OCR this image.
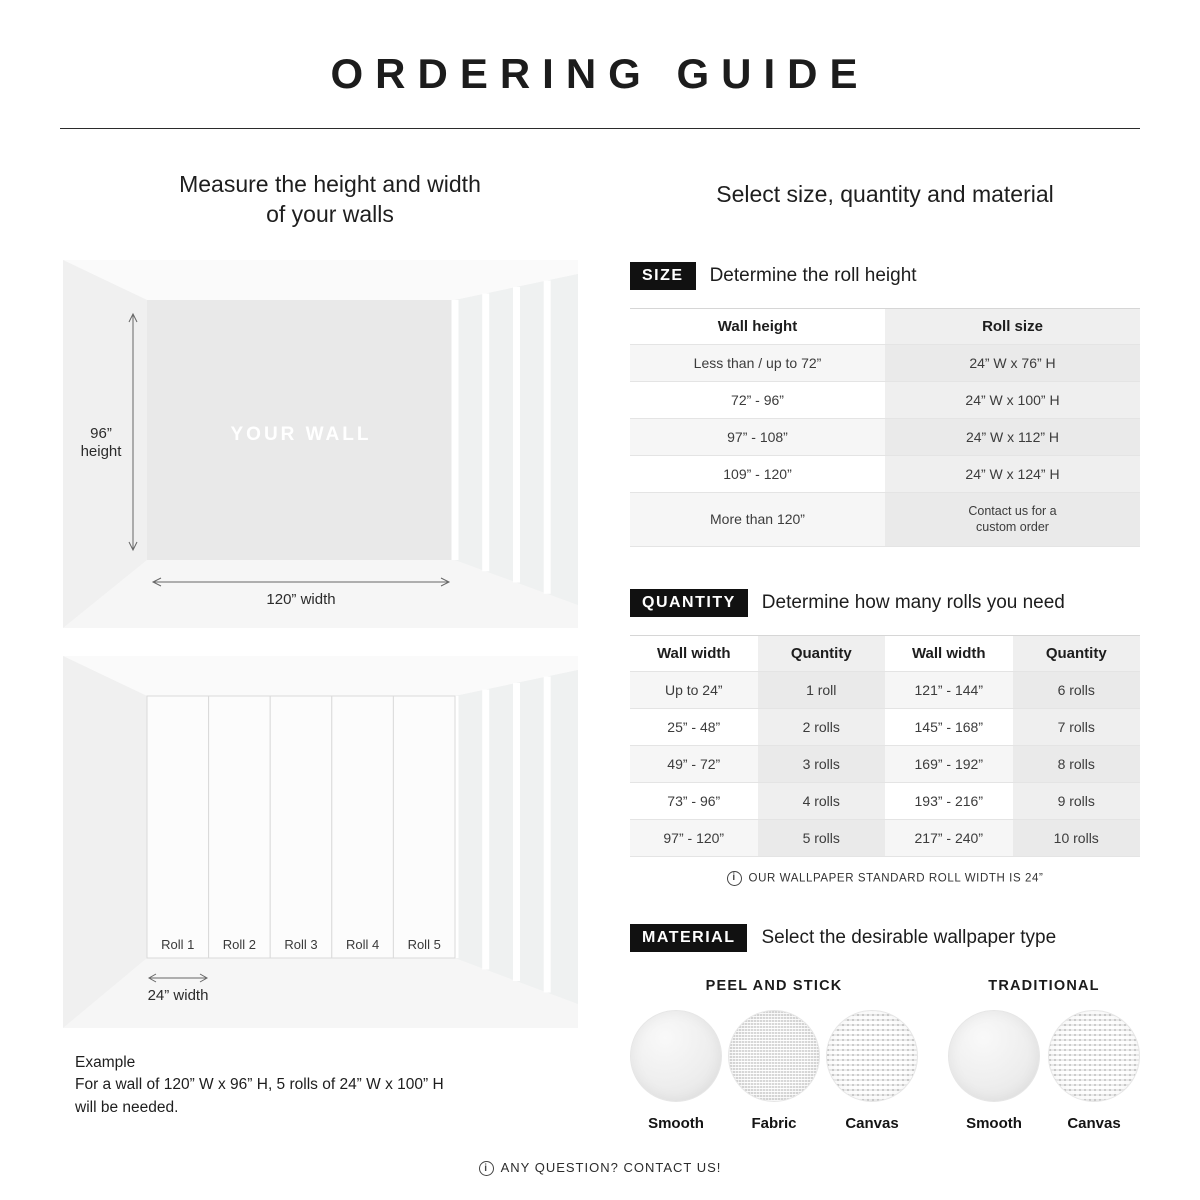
ORDERING GUIDE
Measure the height and width
of your walls
96”
height
YOUR WALL
120” width
Roll 1 Roll 2 Roll 3 Roll 4 Roll 5
24” width
Example
For a wall of 120” W x 96” H, 5 rolls of 24” W x 100” H
will be needed.
Select size, quantity and material
SIZE	Determine the roll height
Wall height	Roll size
Less than / up to 72”	24” W x 76” H
72” - 96”	24” W x 100” H
97” - 108”	24” W x 112” H
109” - 120”	24” W x 124” H
More than 120”	Contact us for a custom order
QUANTITY	Determine how many rolls you need
Wall width	Quantity	Wall width	Quantity
Up to 24”	1 roll	121” - 144”	6 rolls
25” - 48”	2 rolls	145” - 168”	7 rolls
49” - 72”	3 rolls	169” - 192”	8 rolls
73” - 96”	4 rolls	193” - 216”	9 rolls
97” - 120”	5 rolls	217” - 240”	10 rolls
i OUR WALLPAPER STANDARD ROLL WIDTH IS 24”
MATERIAL	Select the desirable wallpaper type
PEEL AND STICK
Smooth	Fabric	Canvas
TRADITIONAL
Smooth	Canvas
i ANY QUESTION? CONTACT US!
